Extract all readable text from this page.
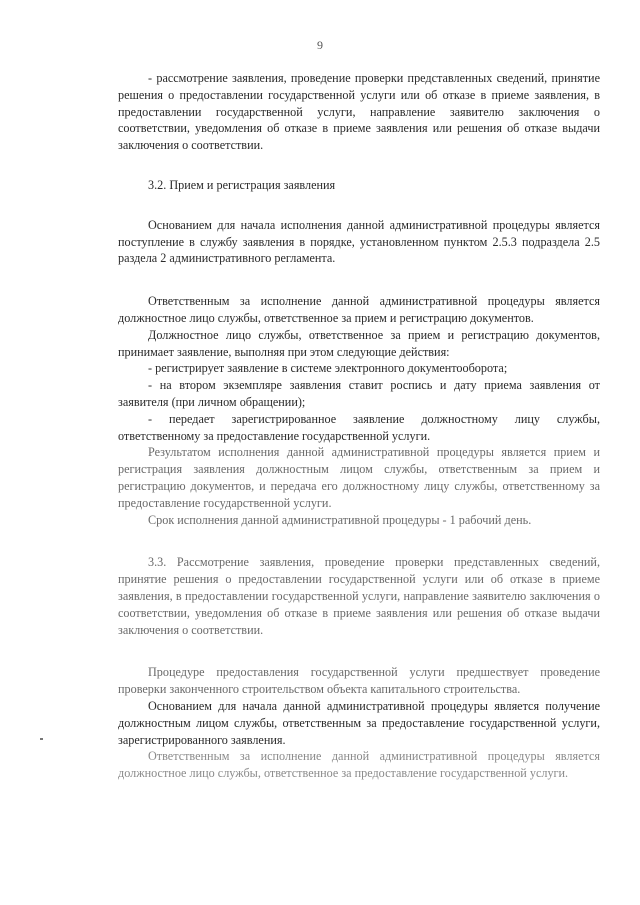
9

- рассмотрение заявления, проведение проверки представленных сведений, принятие решения о предоставлении государственной услуги или об отказе в приеме заявления, в предоставлении государственной услуги, направление заявителю заключения о соответствии, уведомления об отказе в приеме заявления или решения об отказе выдачи заключения о соответствии.

3.2. Прием и регистрация заявления

Основанием для начала исполнения данной административной процедуры является поступление в службу заявления в порядке, установленном пунктом 2.5.3 подраздела 2.5 раздела 2 административного регламента.

Ответственным за исполнение данной административной процедуры является должностное лицо службы, ответственное за прием и регистрацию документов.

Должностное лицо службы, ответственное за прием и регистрацию документов, принимает заявление, выполняя при этом следующие действия:

- регистрирует заявление в системе электронного документооборота;

- на втором экземпляре заявления ставит роспись и дату приема заявления от заявителя (при личном обращении);

- передает зарегистрированное заявление должностному лицу службы, ответственному за предоставление государственной услуги.

Результатом исполнения данной административной процедуры является прием и регистрация заявления должностным лицом службы, ответственным за прием и регистрацию документов, и передача его должностному лицу службы, ответственному за предоставление государственной услуги.

Срок исполнения данной административной процедуры - 1 рабочий день.

3.3. Рассмотрение заявления, проведение проверки представленных сведений, принятие решения о предоставлении государственной услуги или об отказе в приеме заявления, в предоставлении государственной услуги, направление заявителю заключения о соответствии, уведомления об отказе в приеме заявления или решения об отказе выдачи заключения о соответствии.

Процедуре предоставления государственной услуги предшествует проведение проверки законченного строительством объекта капитального строительства.

Основанием для начала данной административной процедуры является получение должностным лицом службы, ответственным за предоставление государственной услуги, зарегистрированного заявления.

Ответственным за исполнение данной административной процедуры является должностное лицо службы, ответственное за предоставление государственной услуги.
